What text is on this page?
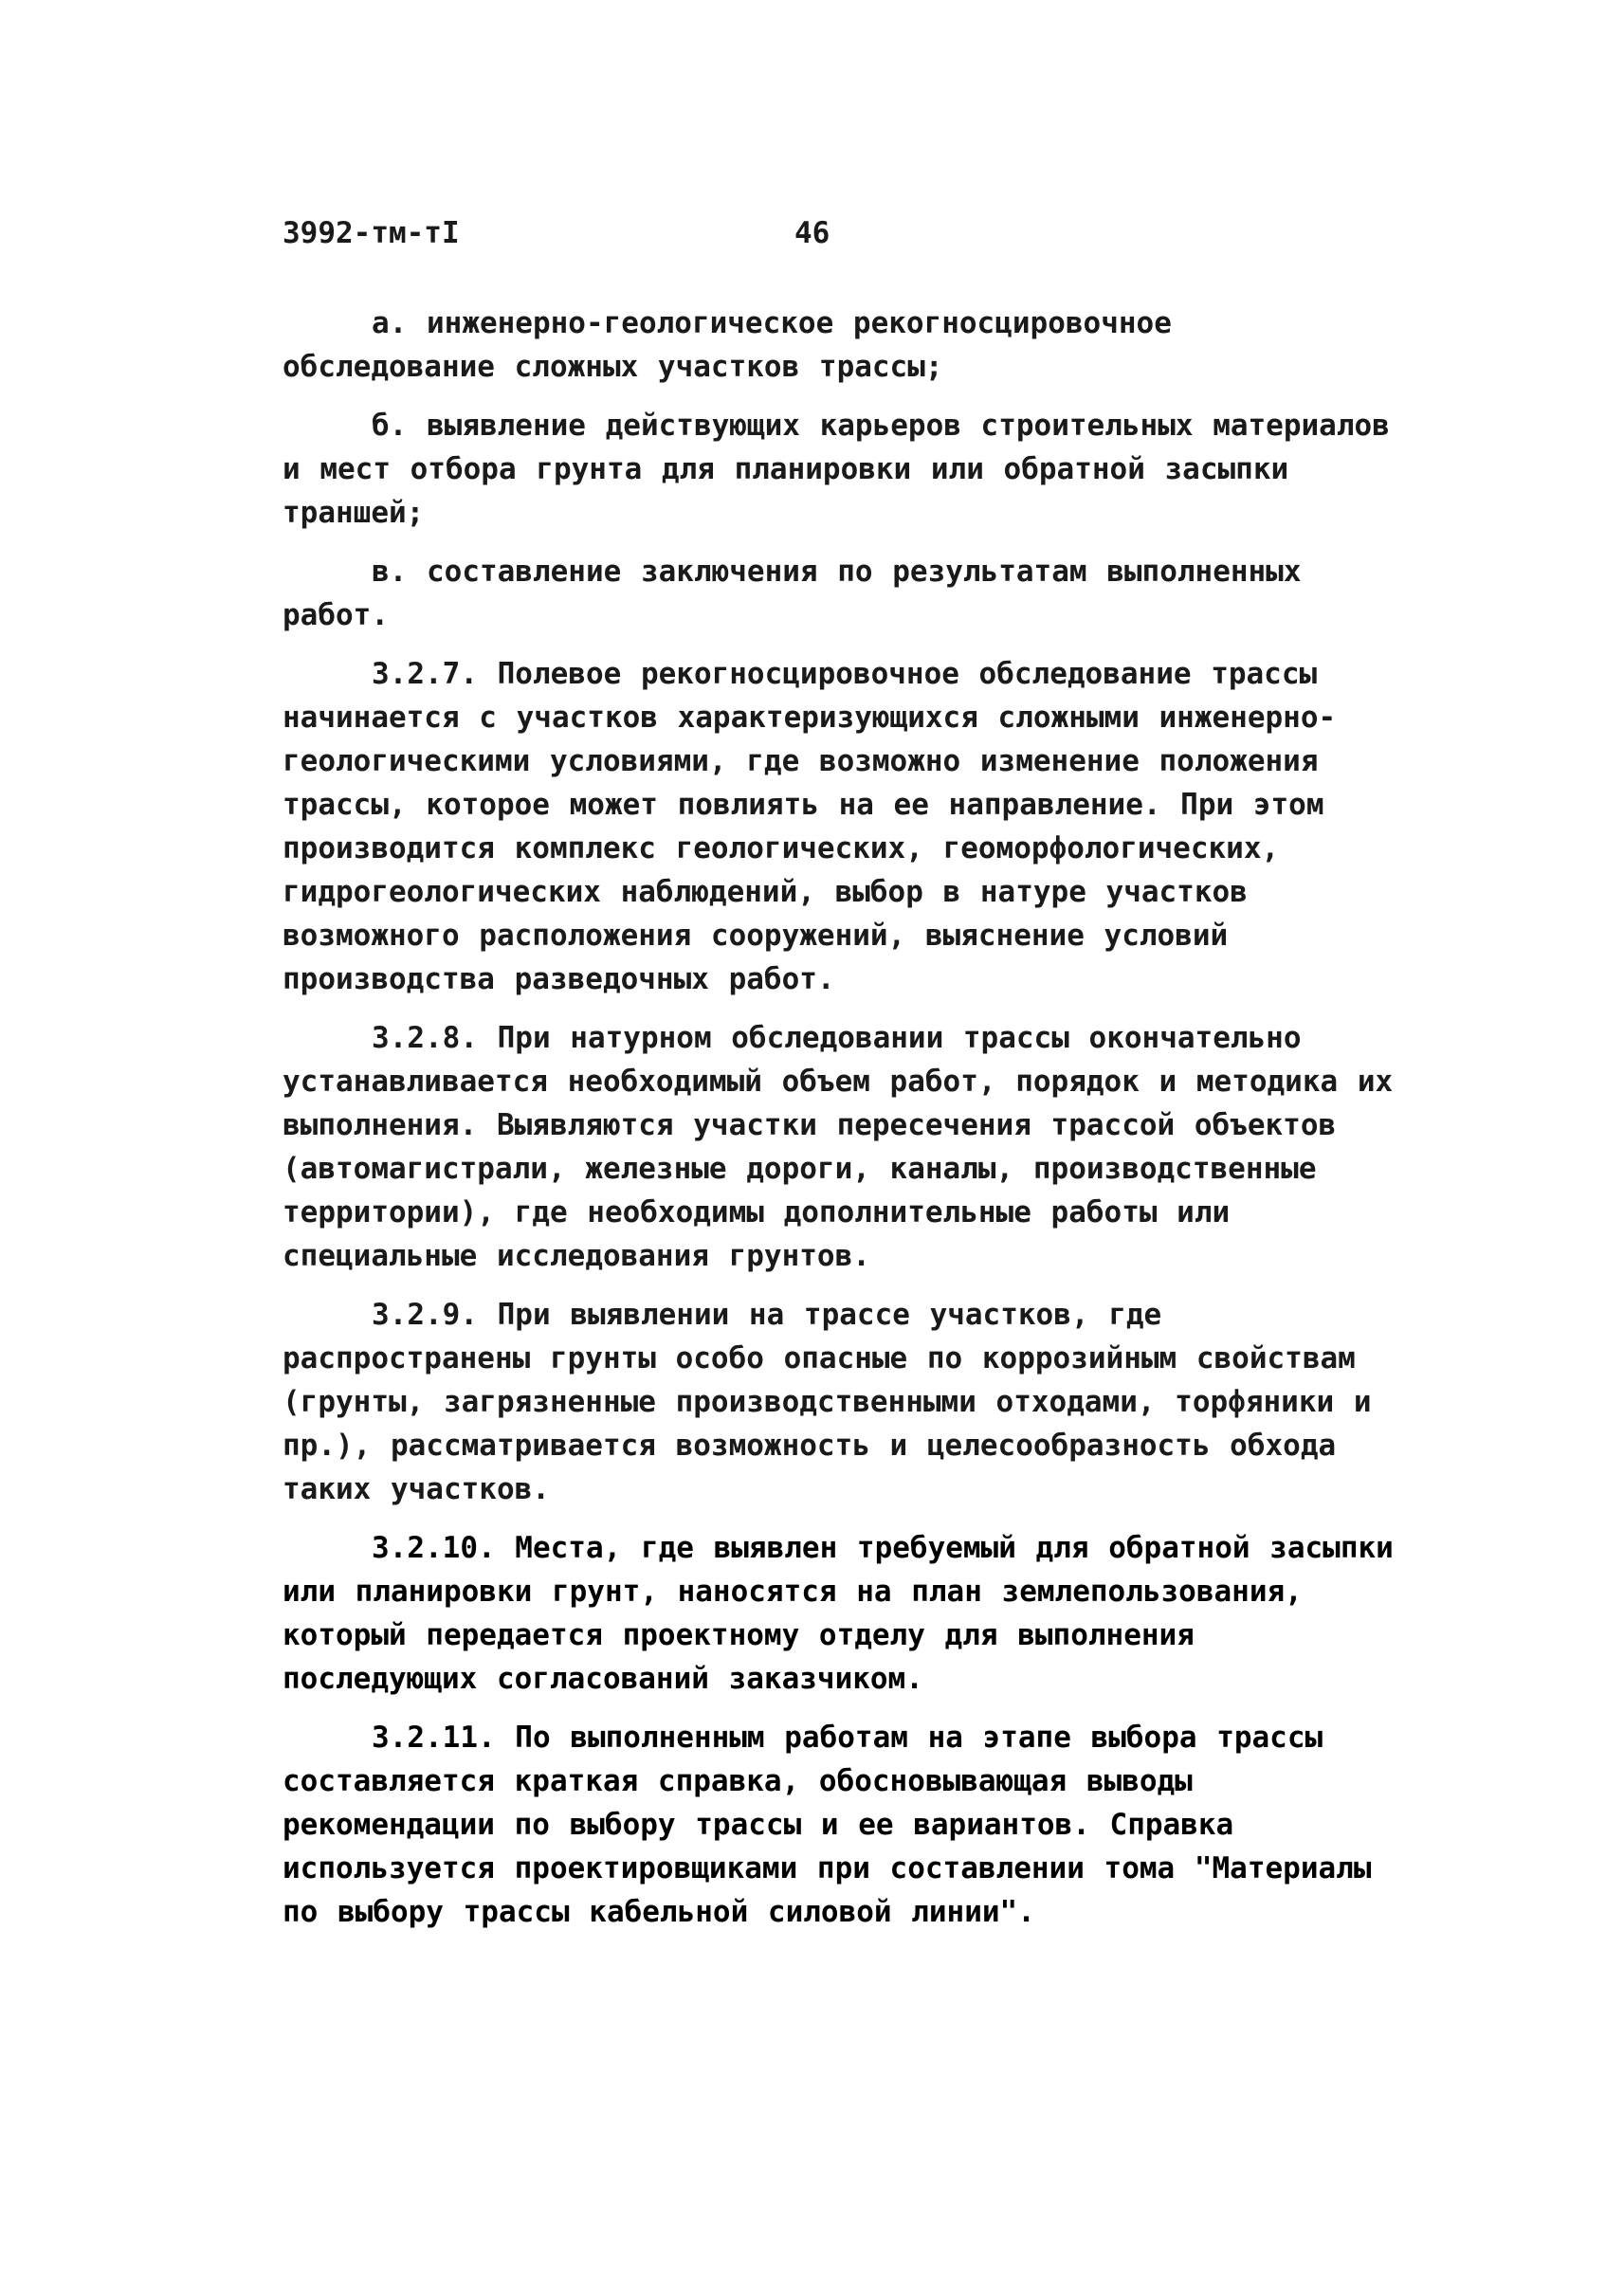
3992-тм-тI	46

а. инженерно-геологическое рекогносцировочное обследование сложных участков трассы;

б. выявление действующих карьеров строительных материалов и мест отбора грунта для планировки или обратной засыпки траншей;

в. составление заключения по результатам выполненных работ.

3.2.7. Полевое рекогносцировочное обследование трассы начинается с участков характеризующихся сложными инженерно-геологическими условиями, где возможно изменение положения трассы, которое может повлиять на ее направление. При этом производится комплекс геологических, геоморфологических, гидрогеологических наблюдений, выбор в натуре участков возможного расположения сооружений, выяснение условий производства разведочных работ.

3.2.8. При натурном обследовании трассы окончательно устанавливается необходимый объем работ, порядок и методика их выполнения. Выявляются участки пересечения трассой объектов (автомагистрали, железные дороги, каналы, производственные территории), где необходимы дополнительные работы или специальные исследования грунтов.

3.2.9. При выявлении на трассе участков, где распространены грунты особо опасные по коррозийным свойствам (грунты, загрязненные производственными отходами, торфяники и пр.), рассматривается возможность и целесообразность обхода таких участков.

3.2.10. Места, где выявлен требуемый для обратной засыпки или планировки грунт, наносятся на план землепользования, который передается проектному отделу для выполнения последующих согласований заказчиком.

3.2.11. По выполненным работам на этапе выбора трассы составляется краткая справка, обосновывающая выводы рекомендации по выбору трассы и ее вариантов. Справка используется проектировщиками при составлении тома "Материалы по выбору трассы кабельной силовой линии".
